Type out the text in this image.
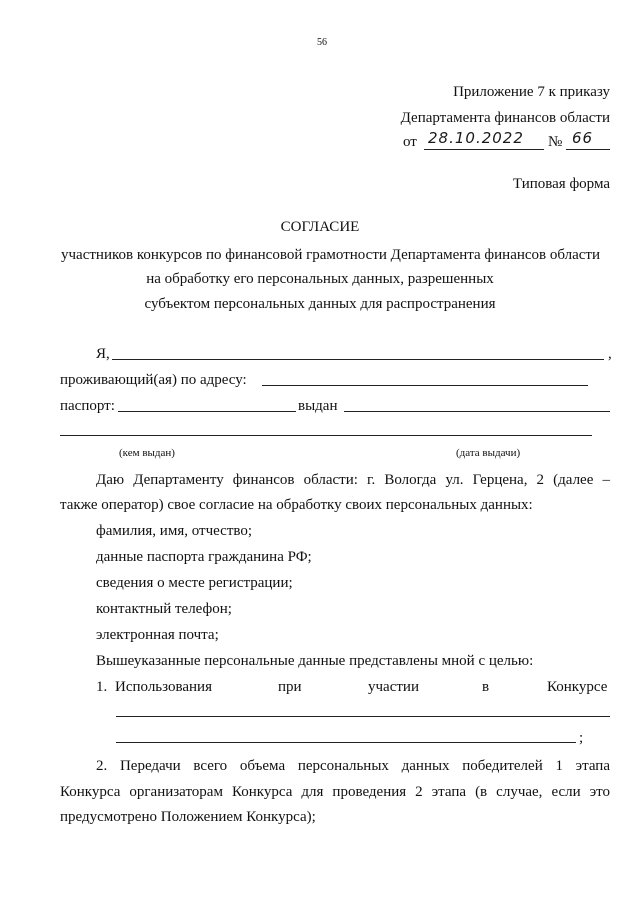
56
Приложение 7 к приказу
Департамента финансов области
от 28.10.2022 № 66
Типовая форма
СОГЛАСИЕ
участников конкурсов по финансовой грамотности Департамента финансов области
на обработку его персональных данных, разрешенных
субъектом персональных данных для распространения
Я,	,
проживающий(ая) по адресу:
паспорт:	выдан
(кем выдан)	(дата выдачи)
Даю Департаменту финансов области: г. Вологда ул. Герцена, 2 (далее –
также оператор) свое согласие на обработку своих персональных данных:
фамилия, имя, отчество;
данные паспорта гражданина РФ;
сведения о месте регистрации;
контактный телефон;
электронная почта;
Вышеуказанные персональные данные представлены мной с целью:
1. Использования	при	участии	в	Конкурсе
;
2. Передачи всего объема персональных данных победителей 1 этапа
Конкурса организаторам Конкурса для проведения 2 этапа (в случае, если это
предусмотрено Положением Конкурса);
